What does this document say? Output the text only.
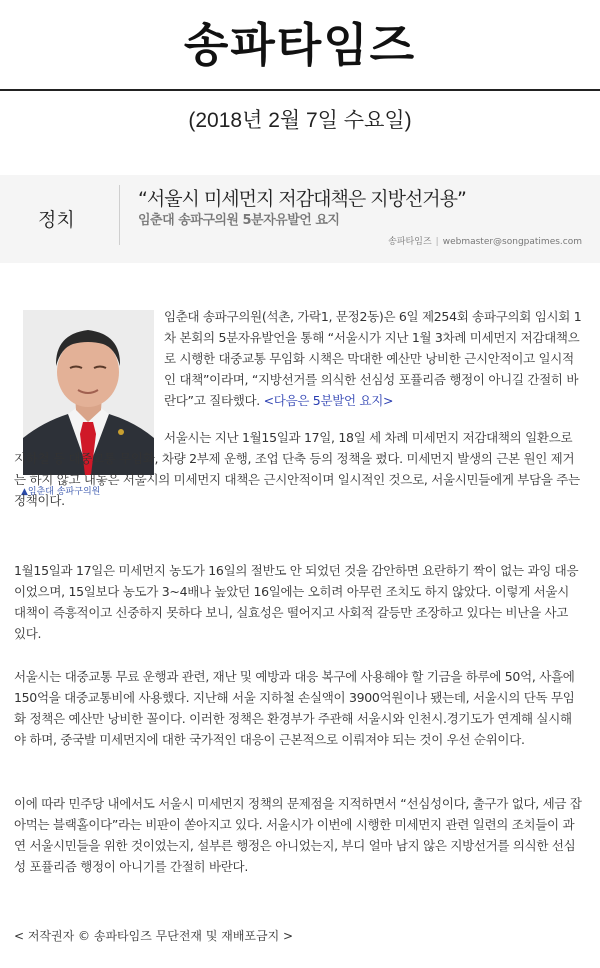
송파타임즈
(2018년 2월 7일 수요일)
정치
“서울시 미세먼지 저감대책은 지방선거용”
임춘대 송파구의원 5분자유발언 요지
송파타임즈 | webmaster@songpatimes.com
▲임춘대 송파구의원

임춘대 송파구의원(석촌, 가락1, 문정2동)은 6일 제254회 송파구의회 임시회 1차 본회의 5분자유발언을 통해 “서울시가 지난 1월 3차례 미세먼지 저감대책으로 시행한 대중교통 무임화 시책은 막대한 예산만 낭비한 근시안적이고 일시적인 대책”이라며, “지방선거를 의식한 선심성 포퓰리즘 행정이 아니길 간절히 바란다”고 질타했다. <다음은 5분발언 요지>

서울시는 지난 1월15일과 17일, 18일 세 차례 미세먼지 저감대책의 일환으로 지하철 등 대중교통 무임화, 차량 2부제 운행, 조업 단축 등의 정책을 폈다. 미세먼지 발생의 근본 원인 제거는 하지 않고 내놓은 서울시의 미세먼지 대책은 근시안적이며 일시적인 것으로, 서울시민들에게 부담을 주는 정책이다.

1월15일과 17일은 미세먼지 농도가 16일의 절반도 안 되었던 것을 감안하면 요란하기 짝이 없는 과잉 대응이었으며, 15일보다 농도가 3~4배나 높았던 16일에는 오히려 아무런 조치도 하지 않았다. 이렇게 서울시 대책이 즉흥적이고 신중하지 못하다 보니, 실효성은 떨어지고 사회적 갈등만 조장하고 있다는 비난을 사고 있다.

서울시는 대중교통 무료 운행과 관련, 재난 및 예방과 대응 복구에 사용해야 할 기금을 하루에 50억, 사흘에 150억을 대중교통비에 사용했다. 지난해 서울 지하철 손실액이 3900억원이나 됐는데, 서울시의 단독 무임화 정책은 예산만 낭비한 꼴이다. 이러한 정책은 환경부가 주관해 서울시와 인천시.경기도가 연계해 실시해야 하며, 중국발 미세먼지에 대한 국가적인 대응이 근본적으로 이뤄져야 되는 것이 우선 순위이다.

이에 따라 민주당 내에서도 서울시 미세먼지 정책의 문제점을 지적하면서 “선심성이다, 출구가 없다, 세금 잡아먹는 블랙홀이다”라는 비판이 쏟아지고 있다. 서울시가 이번에 시행한 미세먼지 관련 일련의 조치들이 과연 서울시민들을 위한 것이었는지, 설부른 행정은 아니었는지, 부디 얼마 남지 않은 지방선거를 의식한 선심성 포퓰리즘 행정이 아니기를 간절히 바란다.

< 저작권자 © 송파타임즈 무단전재 및 재배포금지 >
